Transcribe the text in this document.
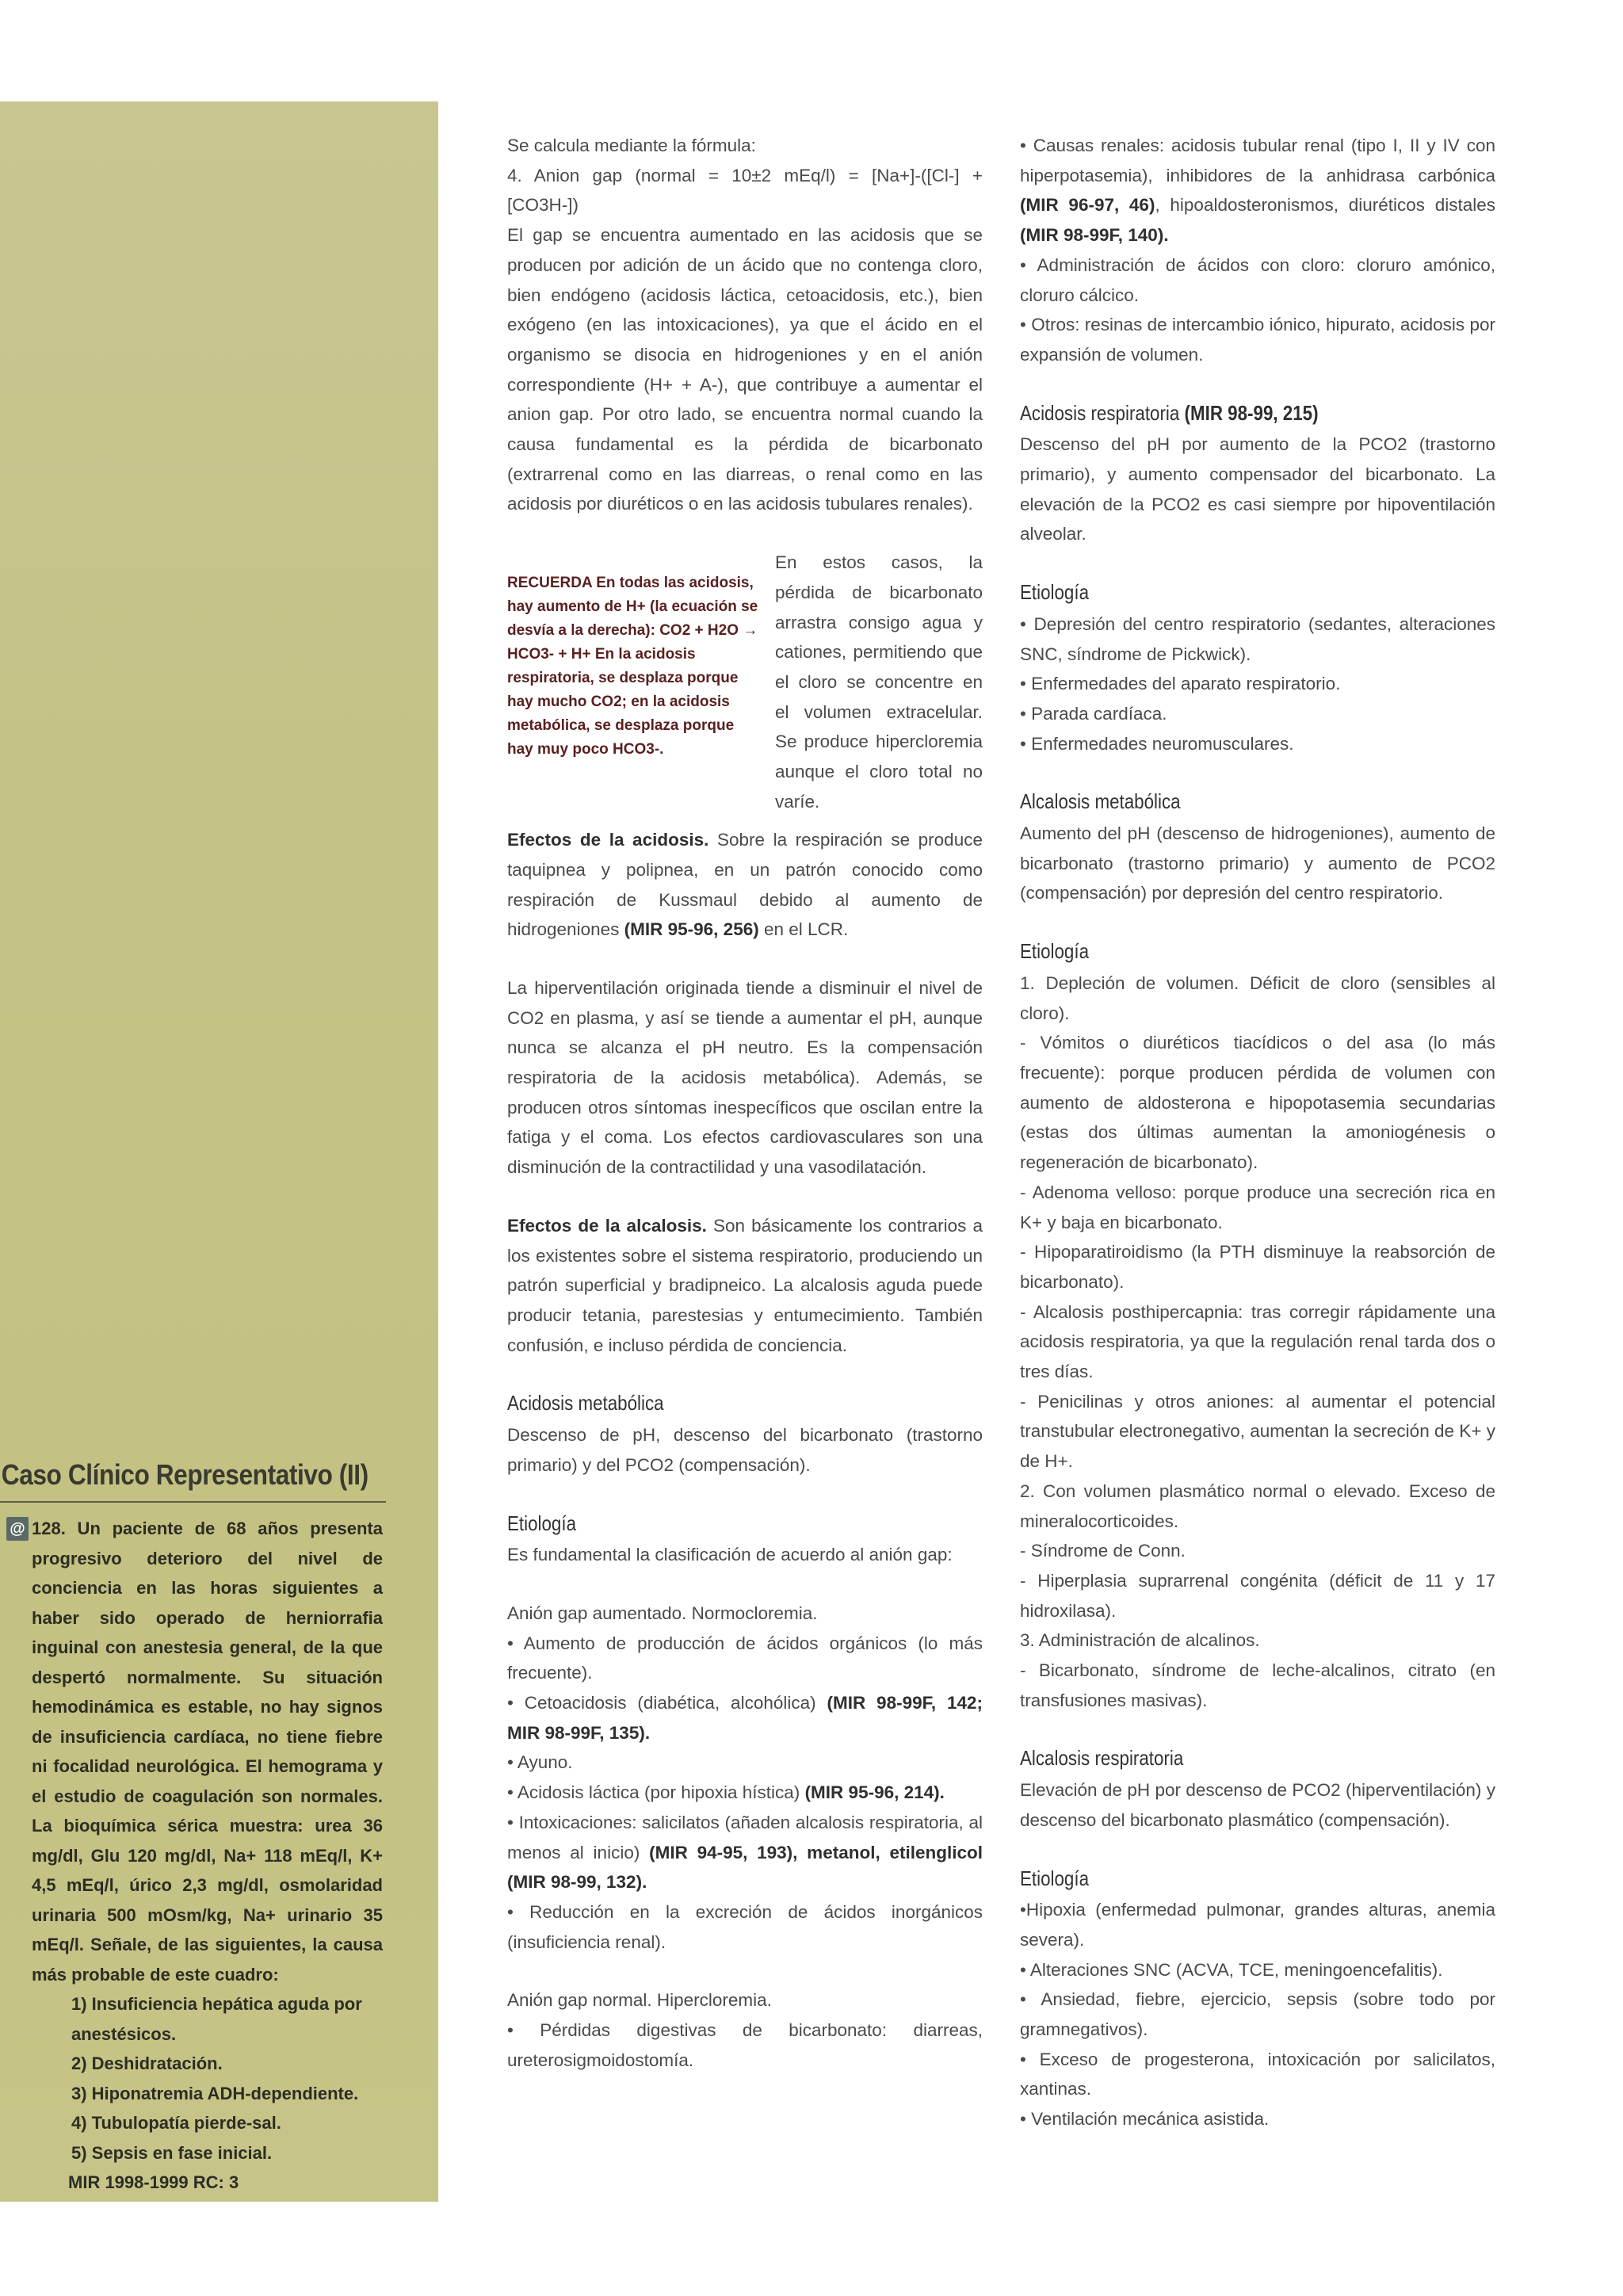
Caso Clínico Representativo (II)
@ 128. Un paciente de 68 años presenta progresivo deterioro del nivel de conciencia en las horas siguientes a haber sido operado de herniorrafia inguinal con anestesia general, de la que despertó normalmente. Su situación hemodinámica es estable, no hay signos de insuficiencia cardíaca, no tiene fiebre ni focalidad neurológica. El hemograma y el estudio de coagulación son normales. La bioquímica sérica muestra: urea 36 mg/dl, Glu 120 mg/dl, Na+ 118 mEq/l, K+ 4,5 mEq/l, úrico 2,3 mg/dl, osmolaridad urinaria 500 mOsm/kg, Na+ urinario 35 mEq/l. Señale, de las siguientes, la causa más probable de este cuadro:

1) Insuficiencia hepática aguda por anestésicos.
2) Deshidratación.
3) Hiponatremia ADH-dependiente.
4) Tubulopatía pierde-sal.
5) Sepsis en fase inicial.
MIR 1998-1999 RC: 3

Se calcula mediante la fórmula:

4. Anion gap (normal = 10±2 mEq/l) = [Na+]-([Cl-] + [CO3H-])

El gap se encuentra aumentado en las acidosis que se producen por adición de un ácido que no contenga cloro, bien endógeno (acidosis láctica, cetoacidosis, etc.), bien exógeno (en las intoxicaciones), ya que el ácido en el organismo se disocia en hidrogeniones y en el anión correspondiente (H+ + A-), que contribuye a aumentar el anion gap. Por otro lado, se encuentra normal cuando la causa fundamental es la pérdida de bicarbonato (extrarrenal como en las diarreas, o renal como en las acidosis por diuréticos o en las acidosis tubulares renales).

RECUERDA En todas las acidosis, hay aumento de H+ (la ecuación se desvía a la derecha): CO2 + H2O → HCO3- + H+ En la acidosis respiratoria, se desplaza porque hay mucho CO2; en la acidosis metabólica, se desplaza porque hay muy poco HCO3-.

En estos casos, la pérdida de bicarbonato arrastra consigo agua y cationes, permitiendo que el cloro se concentre en el volumen extracelular. Se produce hipercloremia aunque el cloro total no varíe.

Efectos de la acidosis. Sobre la respiración se produce taquipnea y polipnea, en un patrón conocido como respiración de Kussmaul debido al aumento de hidrogeniones (MIR 95-96, 256) en el LCR.

La hiperventilación originada tiende a disminuir el nivel de CO2 en plasma, y así se tiende a aumentar el pH, aunque nunca se alcanza el pH neutro. Es la compensación respiratoria de la acidosis metabólica). Además, se producen otros síntomas inespecíficos que oscilan entre la fatiga y el coma. Los efectos cardiovasculares son una disminución de la contractilidad y una vasodilatación.

Efectos de la alcalosis. Son básicamente los contrarios a los existentes sobre el sistema respiratorio, produciendo un patrón superficial y bradipneico. La alcalosis aguda puede producir tetania, parestesias y entumecimiento. También confusión, e incluso pérdida de conciencia.

Acidosis metabólica

Descenso de pH, descenso del bicarbonato (trastorno primario) y del PCO2 (compensación).

Etiología

Es fundamental la clasificación de acuerdo al anión gap:

Anión gap aumentado. Normocloremia.

• Aumento de producción de ácidos orgánicos (lo más frecuente).

• Cetoacidosis (diabética, alcohólica) (MIR 98-99F, 142; MIR 98-99F, 135).

• Ayuno.

• Acidosis láctica (por hipoxia hística) (MIR 95-96, 214).

• Intoxicaciones: salicilatos (añaden alcalosis respiratoria, al menos al inicio) (MIR 94-95, 193), metanol, etilenglicol (MIR 98-99, 132).

• Reducción en la excreción de ácidos inorgánicos (insuficiencia renal).

Anión gap normal. Hipercloremia.

• Pérdidas digestivas de bicarbonato: diarreas, ureterosigmoidostomía.

• Causas renales: acidosis tubular renal (tipo I, II y IV con hiperpotasemia), inhibidores de la anhidrasa carbónica (MIR 96-97, 46), hipoaldosteronismos, diuréticos distales (MIR 98-99F, 140).

• Administración de ácidos con cloro: cloruro amónico, cloruro cálcico.

• Otros: resinas de intercambio iónico, hipurato, acidosis por expansión de volumen.

Acidosis respiratoria (MIR 98-99, 215)

Descenso del pH por aumento de la PCO2 (trastorno primario), y aumento compensador del bicarbonato. La elevación de la PCO2 es casi siempre por hipoventilación alveolar.

Etiología

• Depresión del centro respiratorio (sedantes, alteraciones SNC, síndrome de Pickwick).

• Enfermedades del aparato respiratorio.

• Parada cardíaca.

• Enfermedades neuromusculares.

Alcalosis metabólica

Aumento del pH (descenso de hidrogeniones), aumento de bicarbonato (trastorno primario) y aumento de PCO2 (compensación) por depresión del centro respiratorio.

Etiología

1. Depleción de volumen. Déficit de cloro (sensibles al cloro).

- Vómitos o diuréticos tiacídicos o del asa (lo más frecuente): porque producen pérdida de volumen con aumento de aldosterona e hipopotasemia secundarias (estas dos últimas aumentan la amoniogénesis o regeneración de bicarbonato).

- Adenoma velloso: porque produce una secreción rica en K+ y baja en bicarbonato.

- Hipoparatiroidismo (la PTH disminuye la reabsorción de bicarbonato).

- Alcalosis posthipercapnia: tras corregir rápidamente una acidosis respiratoria, ya que la regulación renal tarda dos o tres días.

- Penicilinas y otros aniones: al aumentar el potencial transtubular electronegativo, aumentan la secreción de K+ y de H+.

2. Con volumen plasmático normal o elevado. Exceso de mineralocorticoides.

- Síndrome de Conn.

- Hiperplasia suprarrenal congénita (déficit de 11 y 17 hidroxilasa).

3. Administración de alcalinos.

- Bicarbonato, síndrome de leche-alcalinos, citrato (en transfusiones masivas).

Alcalosis respiratoria

Elevación de pH por descenso de PCO2 (hiperventilación) y descenso del bicarbonato plasmático (compensación).

Etiología

•Hipoxia (enfermedad pulmonar, grandes alturas, anemia severa).

• Alteraciones SNC (ACVA, TCE, meningoencefalitis).

• Ansiedad, fiebre, ejercicio, sepsis (sobre todo por gramnegativos).

• Exceso de progesterona, intoxicación por salicilatos, xantinas.

• Ventilación mecánica asistida.
